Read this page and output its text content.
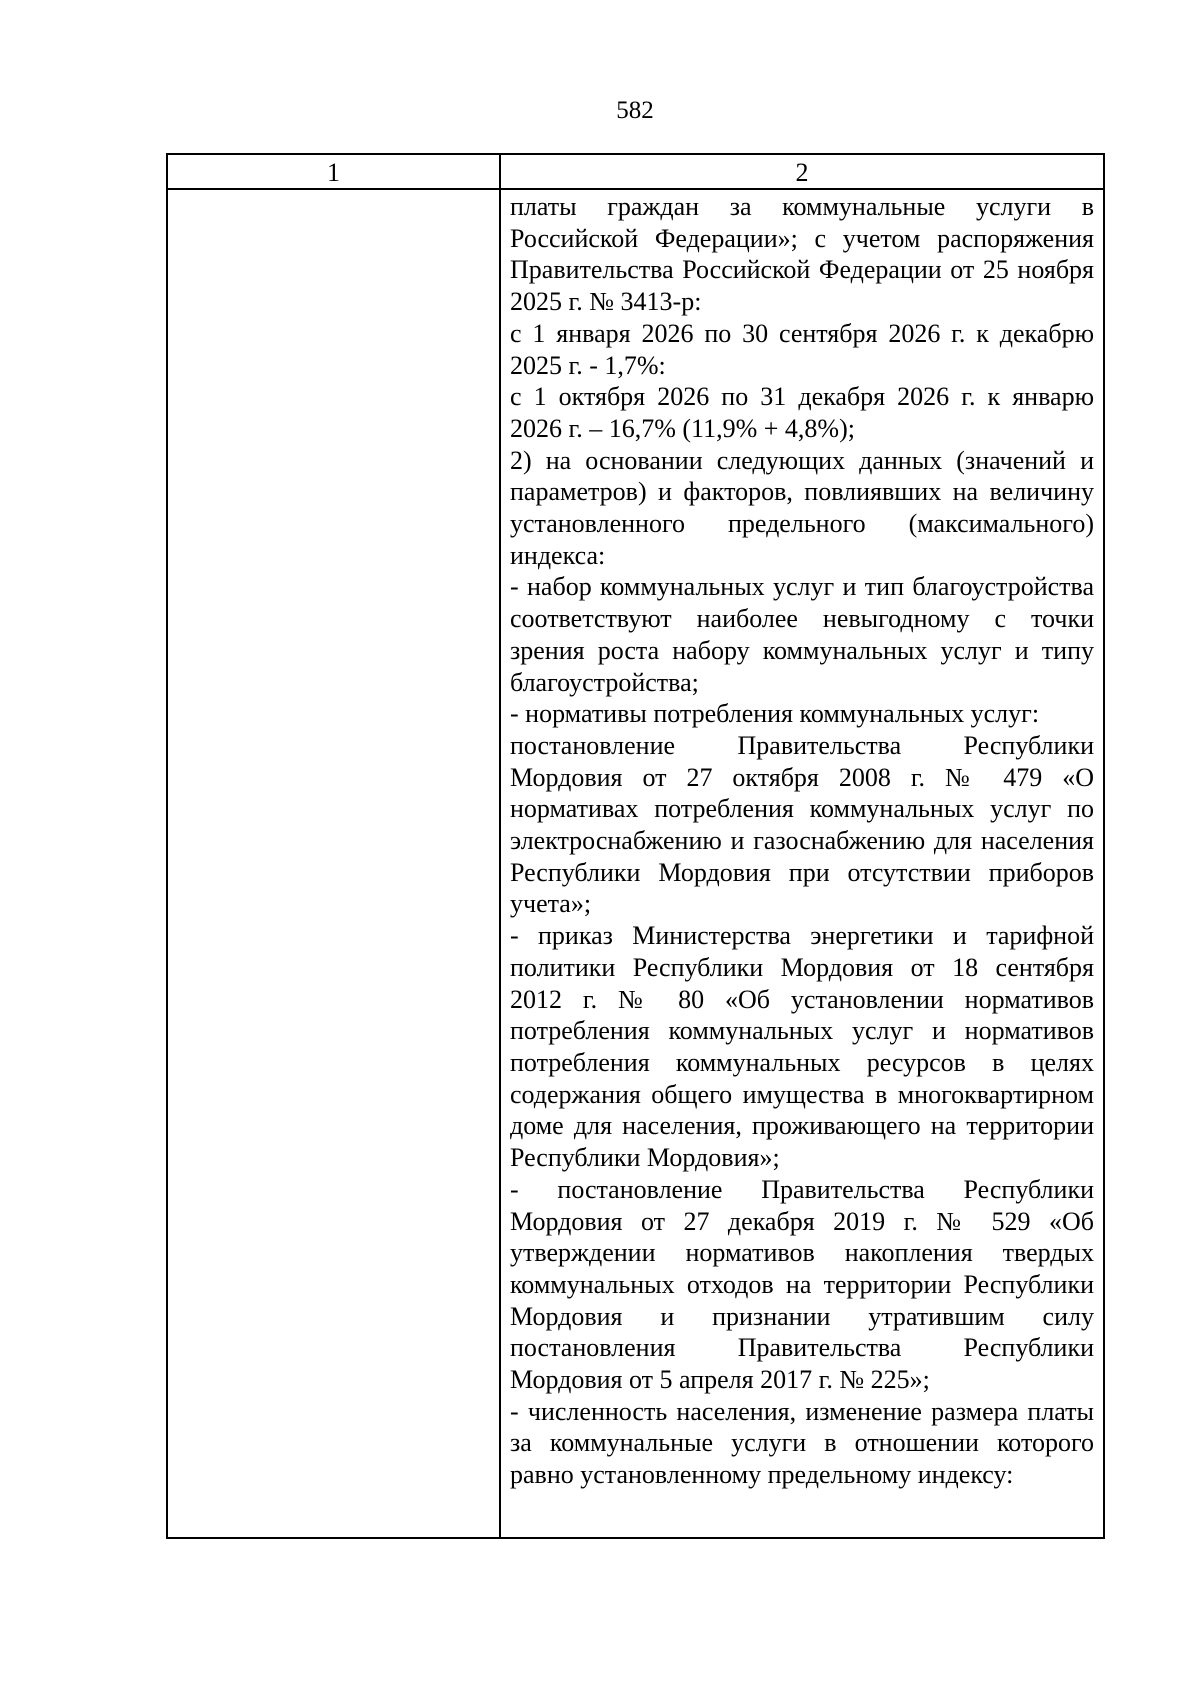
582
1	2

платы граждан за коммунальные услуги в Российской Федерации»; с учетом распоряжения Правительства Российской Федерации от 25 ноября 2025 г. № 3413-р:

с 1 января 2026 по 30 сентября 2026 г. к декабрю 2025 г. - 1,7%:

с 1 октября 2026 по 31 декабря 2026 г. к январю 2026 г. – 16,7% (11,9% + 4,8%);

2) на основании следующих данных (значений и параметров) и факторов, повлиявших на величину установленного предельного (максимального) индекса:

- набор коммунальных услуг и тип благоустройства соответствуют наиболее невыгодному с точки зрения роста набору коммунальных услуг и типу благоустройства;

- нормативы потребления коммунальных услуг:

постановление Правительства Республики Мордовия от 27 октября 2008 г. № 479 «О нормативах потребления коммунальных услуг по электроснабжению и газоснабжению для населения Республики Мордовия при отсутствии приборов учета»;

- приказ Министерства энергетики и тарифной политики Республики Мордовия от 18 сентября 2012 г. № 80 «Об установлении нормативов потребления коммунальных услуг и нормативов потребления коммунальных ресурсов в целях содержания общего имущества в многоквартирном доме для населения, проживающего на территории Республики Мордовия»;

- постановление Правительства Республики Мордовия от 27 декабря 2019 г. № 529 «Об утверждении нормативов накопления твердых коммунальных отходов на территории Республики Мордовия и признании утратившим силу постановления Правительства Республики Мордовия от 5 апреля 2017 г. № 225»;

- численность населения, изменение размера платы за коммунальные услуги в отношении которого равно установленному предельному индексу:
